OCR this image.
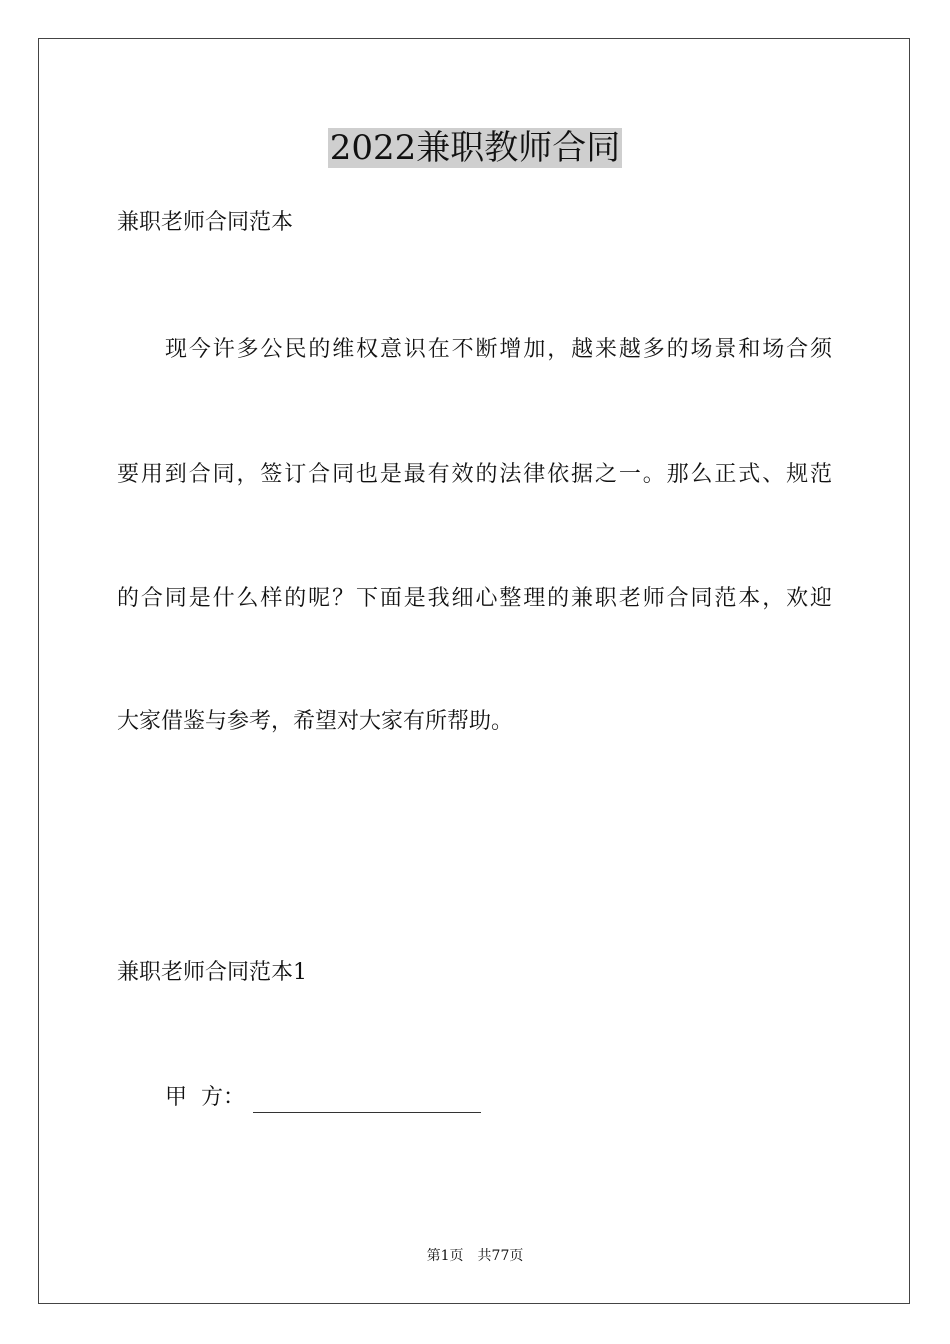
2022兼职教师合同
兼职老师合同范本
现今许多公民的维权意识在不断增加，越来越多的场景和场合须
要用到合同，签订合同也是最有效的法律依据之一。那么正式、规范
的合同是什么样的呢？下面是我细心整理的兼职老师合同范本，欢迎
大家借鉴与参考，希望对大家有所帮助。
兼职老师合同范本1
甲  方：
第1页 共77页
